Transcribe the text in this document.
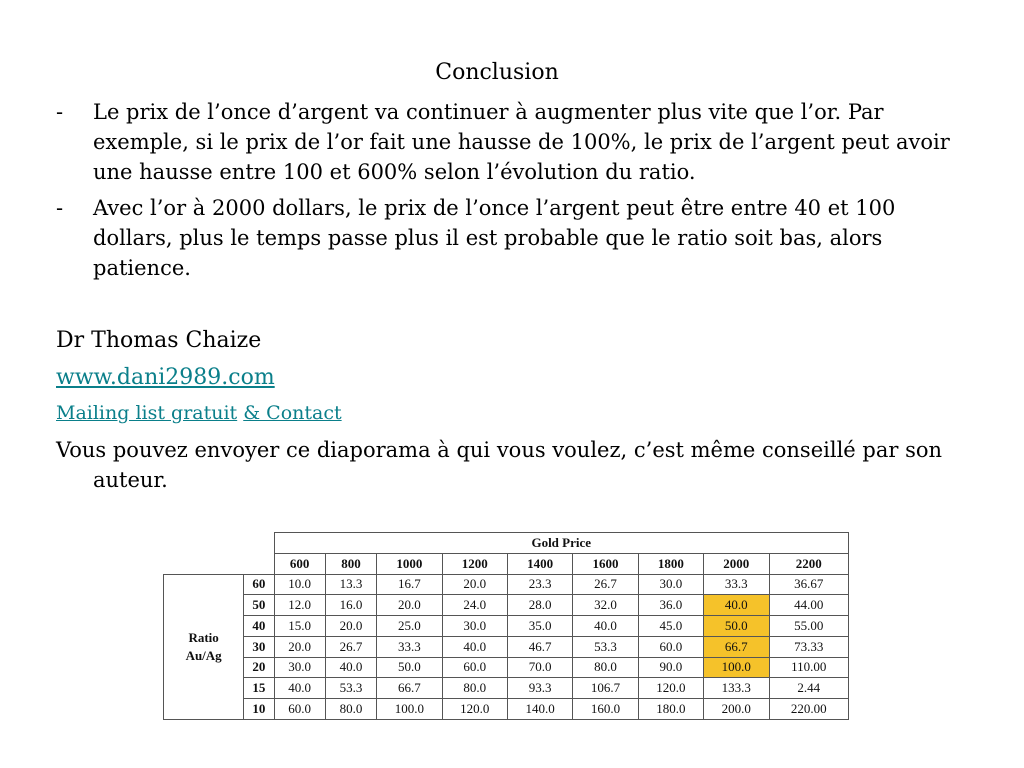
Conclusion
-	Le prix de l’once d’argent va continuer à augmenter plus vite que l’or. Par exemple, si le prix de l’or fait une hausse de 100%, le prix de l’argent peut avoir une hausse entre 100 et 600% selon l’évolution du ratio.
-	Avec l’or à 2000 dollars, le prix de l’once l’argent peut être entre 40 et 100 dollars, plus le temps passe plus il est probable que le ratio soit bas, alors patience.
Dr Thomas Chaize
www.dani2989.com
Mailing list gratuit & Contact
Vous pouvez envoyer ce diaporama à qui vous voulez, c’est même conseillé par son auteur.
		Gold Price								
		600	800	1000	1200	1400	1600	1800	2000	2200

Ratio
Au/Ag	60	10.0	13.3	16.7	20.0	23.3	26.7	30.0	33.3	36.67
	50	12.0	16.0	20.0	24.0	28.0	32.0	36.0	40.0	44.00
	40	15.0	20.0	25.0	30.0	35.0	40.0	45.0	50.0	55.00
	30	20.0	26.7	33.3	40.0	46.7	53.3	60.0	66.7	73.33
	20	30.0	40.0	50.0	60.0	70.0	80.0	90.0	100.0	110.00
	15	40.0	53.3	66.7	80.0	93.3	106.7	120.0	133.3	2.44
	10	60.0	80.0	100.0	120.0	140.0	160.0	180.0	200.0	220.00
